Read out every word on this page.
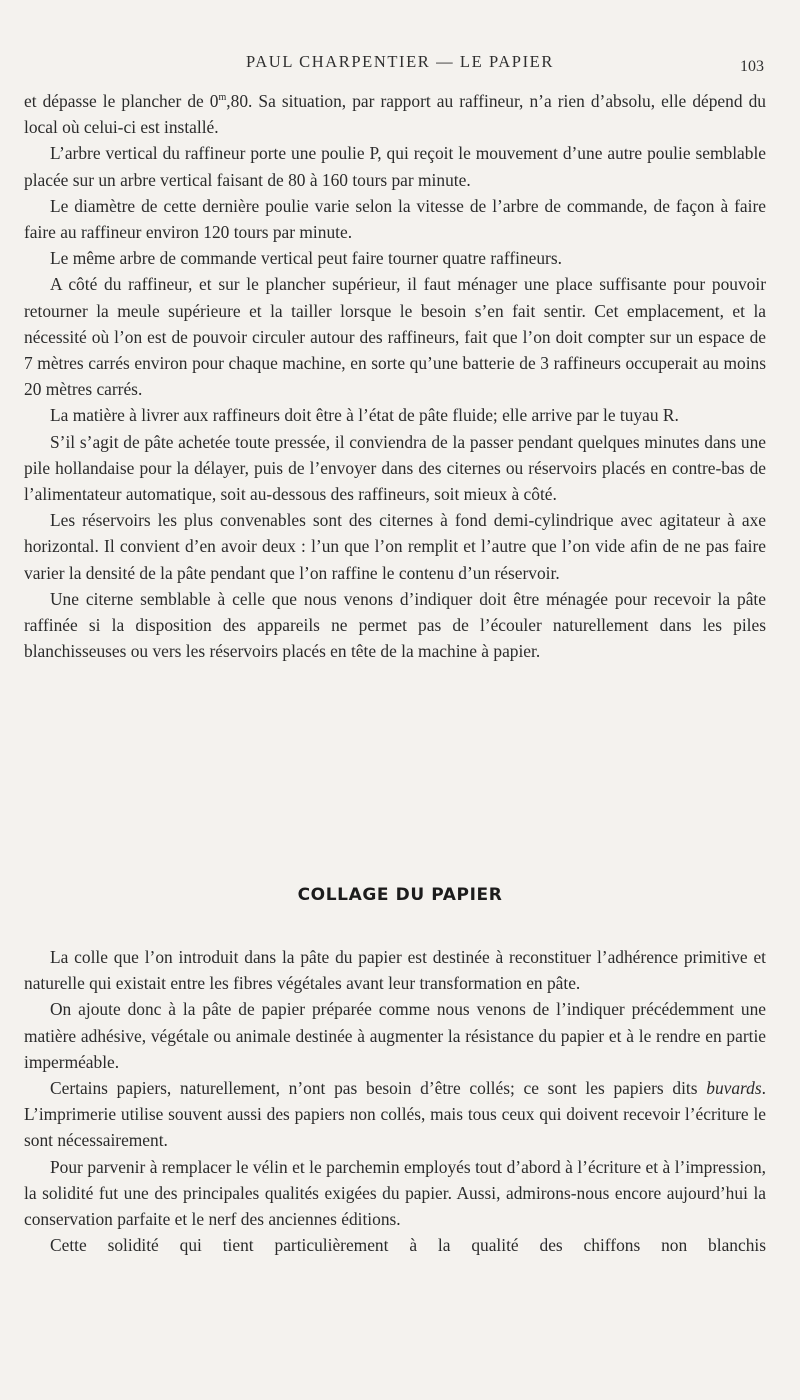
PAUL CHARPENTIER — LE PAPIER	103

et dépasse le plancher de 0$^m$,80. Sa situation, par rapport au raffineur, n’a rien d’absolu, elle dépend du local où celui-ci est installé.

L’arbre vertical du raffineur porte une poulie P, qui reçoit le mouvement d’une autre poulie semblable placée sur un arbre vertical faisant de 80 à 160 tours par minute.

Le diamètre de cette dernière poulie varie selon la vitesse de l’arbre de commande, de façon à faire faire au raffineur environ 120 tours par minute.

Le même arbre de commande vertical peut faire tourner quatre raffineurs.

A côté du raffineur, et sur le plancher supérieur, il faut ménager une place suffisante pour pouvoir retourner la meule supérieure et la tailler lorsque le besoin s’en fait sentir. Cet emplacement, et la nécessité où l’on est de pouvoir circuler autour des raffineurs, fait que l’on doit compter sur un espace de 7 mètres carrés environ pour chaque machine, en sorte qu’une batterie de 3 raffineurs occuperait au moins 20 mètres carrés.

La matière à livrer aux raffineurs doit être à l’état de pâte fluide; elle arrive par le tuyau R.

S’il s’agit de pâte achetée toute pressée, il conviendra de la passer pendant quelques minutes dans une pile hollandaise pour la délayer, puis de l’envoyer dans des citernes ou réservoirs placés en contre-bas de l’alimentateur automatique, soit au-dessous des raffineurs, soit mieux à côté.

Les réservoirs les plus convenables sont des citernes à fond demi-cylindrique avec agitateur à axe horizontal. Il convient d’en avoir deux : l’un que l’on remplit et l’autre que l’on vide afin de ne pas faire varier la densité de la pâte pendant que l’on raffine le contenu d’un réservoir.

Une citerne semblable à celle que nous venons d’indiquer doit être ménagée pour recevoir la pâte raffinée si la disposition des appareils ne permet pas de l’écouler naturellement dans les piles blanchisseuses ou vers les réservoirs placés en tête de la machine à papier.

COLLAGE DU PAPIER

La colle que l’on introduit dans la pâte du papier est destinée à reconstituer l’adhérence primitive et naturelle qui existait entre les fibres végétales avant leur transformation en pâte.

On ajoute donc à la pâte de papier préparée comme nous venons de l’indiquer précédemment une matière adhésive, végétale ou animale destinée à augmenter la résistance du papier et à le rendre en partie imperméable.

Certains papiers, naturellement, n’ont pas besoin d’être collés; ce sont les papiers dits buvards. L’imprimerie utilise souvent aussi des papiers non collés, mais tous ceux qui doivent recevoir l’écriture le sont nécessairement.

Pour parvenir à remplacer le vélin et le parchemin employés tout d’abord à l’écriture et à l’impression, la solidité fut une des principales qualités exigées du papier. Aussi, admirons-nous encore aujourd’hui la conservation parfaite et le nerf des anciennes éditions.

Cette solidité qui tient particulièrement à la qualité des chiffons non blanchis
